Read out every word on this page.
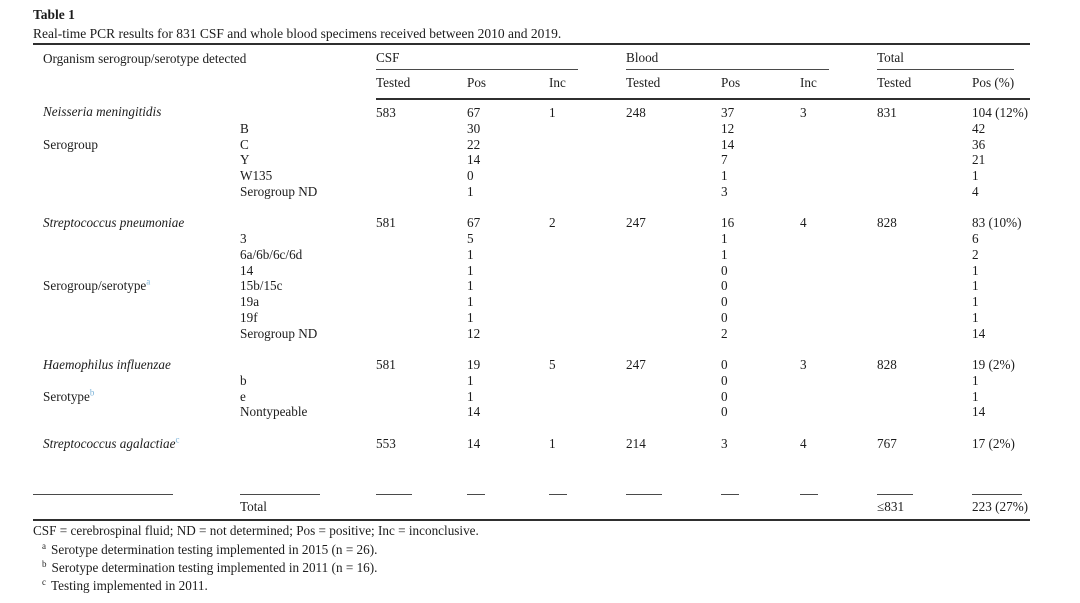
Table 1
Real-time PCR results for 831 CSF and whole blood specimens received between 2010 and 2019.
Organism serogroup/serotype detected		CSF			Blood			Total	
		Tested	Pos	Inc	Tested	Pos	Inc	Tested	Pos (%)
Neisseria meningitidis		583	67	1	248	37	3	831	104 (12%)
	B		30			12			42
Serogroup	C		22			14			36
	Y		14			7			21
	W135		0			1			1
	Serogroup ND		1			3			4

Streptococcus pneumoniae		581	67	2	247	16	4	828	83 (10%)
	3		5			1			6
	6a/6b/6c/6d		1			1			2
	14		1			0			1
Serogroup/serotype$^a$	15b/15c		1			0			1
	19a		1			0			1
	19f		1			0			1
	Serogroup ND		12			2			14

Haemophilus influenzae		581	19	5	247	0	3	828	19 (2%)
	b		1			0			1
Serotype$^b$	e		1			0			1
	Nontypeable		14			0			14

Streptococcus agalactiae$^c$		553	14	1	214	3	4	767	17 (2%)

	Total							≤831	223 (27%)
CSF = cerebrospinal fluid; ND = not determined; Pos = positive; Inc = inconclusive.
$^a$ Serotype determination testing implemented in 2015 (n = 26).
$^b$ Serotype determination testing implemented in 2011 (n = 16).
$^c$ Testing implemented in 2011.
